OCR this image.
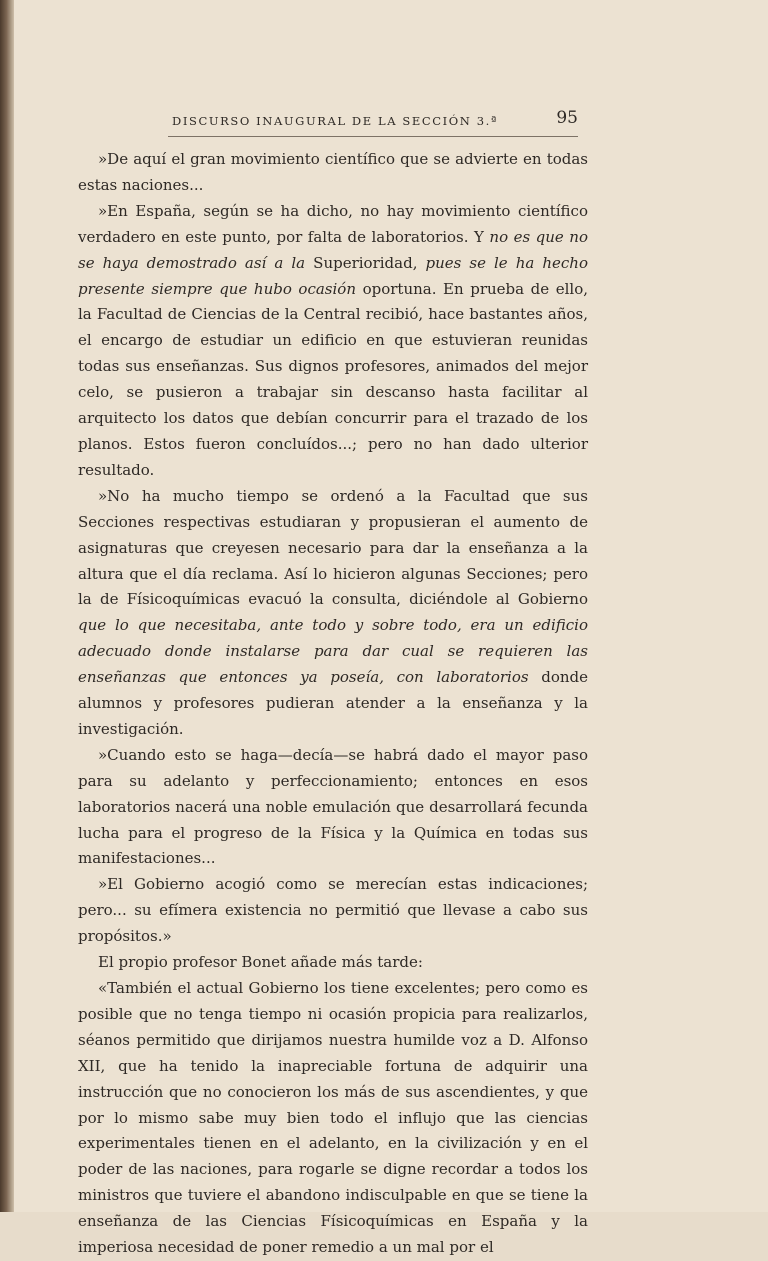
DISCURSO INAUGURAL DE LA SECCIÓN 3.ª	95

»De aquí el gran movimiento científico que se advierte en todas estas naciones...

»En España, según se ha dicho, no hay movimiento científico verdadero en este punto, por falta de laboratorios. Y no es que no se haya demostrado así a la Superioridad, pues se le ha hecho presente siempre que hubo ocasión oportuna. En prueba de ello, la Facultad de Ciencias de la Central recibió, hace bastantes años, el encargo de estudiar un edificio en que estuvieran reunidas todas sus enseñanzas. Sus dignos profesores, animados del mejor celo, se pusieron a trabajar sin descanso hasta facilitar al arquitecto los datos que debían concurrir para el trazado de los planos. Estos fueron concluídos...; pero no han dado ulterior resultado.

»No ha mucho tiempo se ordenó a la Facultad que sus Secciones respectivas estudiaran y propusieran el aumento de asignaturas que creyesen necesario para dar la enseñanza a la altura que el día reclama. Así lo hicieron algunas Secciones; pero la de Físicoquímicas evacuó la consulta, diciéndole al Gobierno que lo que necesitaba, ante todo y sobre todo, era un edificio adecuado donde instalarse para dar cual se requieren las enseñanzas que entonces ya poseía, con laboratorios donde alumnos y profesores pudieran atender a la enseñanza y la investigación.

»Cuando esto se haga—decía—se habrá dado el mayor paso para su adelanto y perfeccionamiento; entonces en esos laboratorios nacerá una noble emulación que desarrollará fecunda lucha para el progreso de la Física y la Química en todas sus manifestaciones...

»El Gobierno acogió como se merecían estas indicaciones; pero... su efímera existencia no permitió que llevase a cabo sus propósitos.»

El propio profesor Bonet añade más tarde:

«También el actual Gobierno los tiene excelentes; pero como es posible que no tenga tiempo ni ocasión propicia para realizarlos, séanos permitido que dirijamos nuestra humilde voz a D. Alfonso XII, que ha tenido la inapreciable fortuna de adquirir una instrucción que no conocieron los más de sus ascendientes, y que por lo mismo sabe muy bien todo el influjo que las ciencias experimentales tienen en el adelanto, en la civilización y en el poder de las naciones, para rogarle se digne recordar a todos los ministros que tuviere el abandono indisculpable en que se tiene la enseñanza de las Ciencias Físicoquímicas en España y la imperiosa necesidad de poner remedio a un mal por el
